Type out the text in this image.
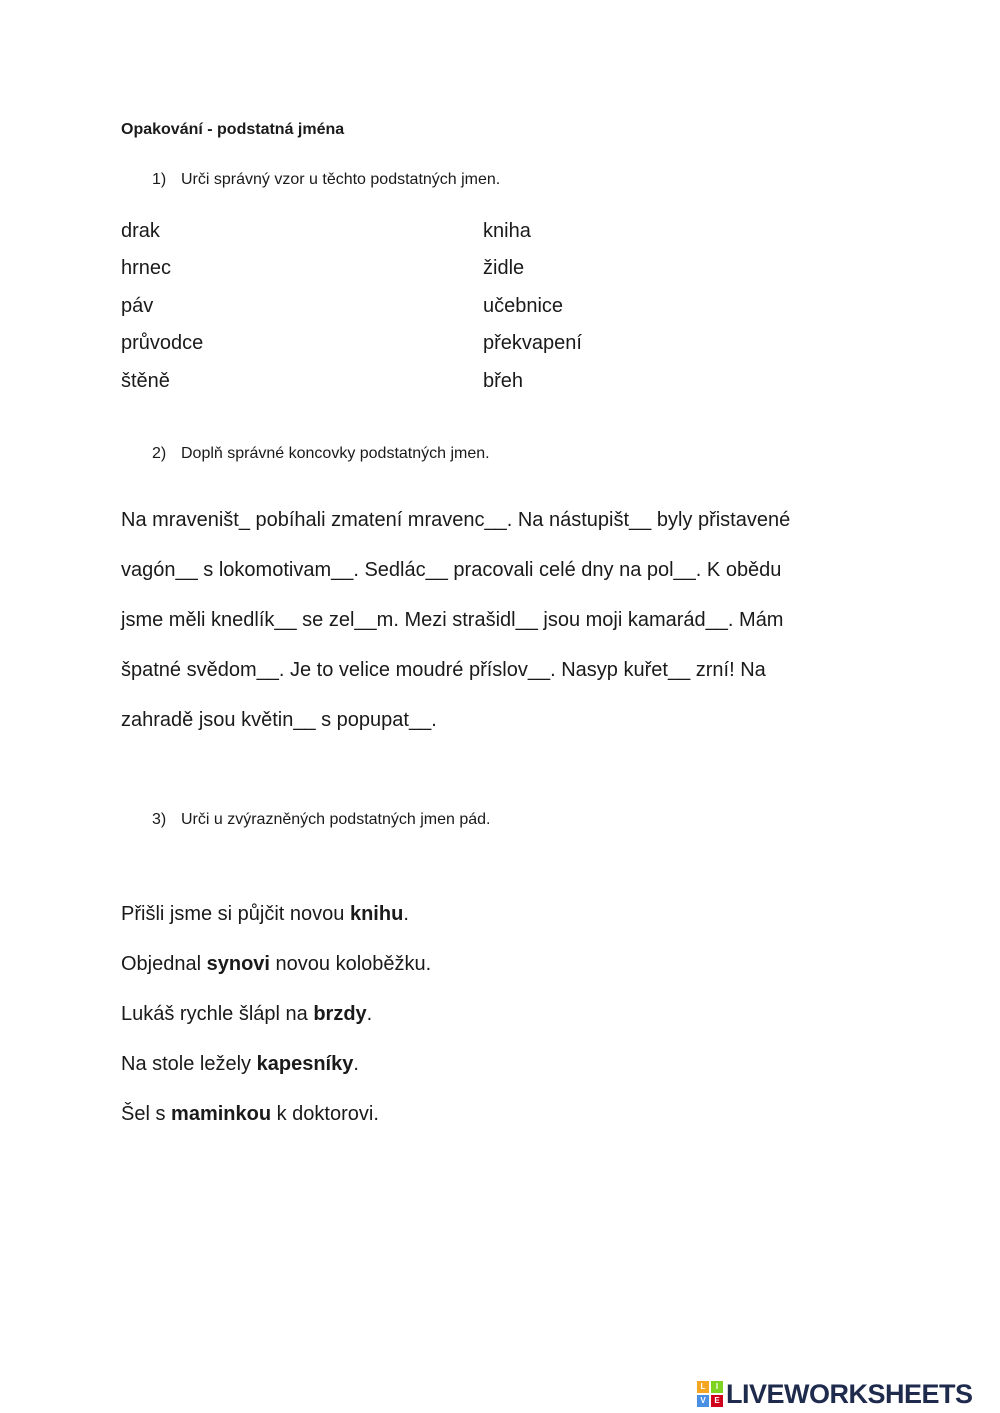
Opakování - podstatná jména
1) Urči správný vzor u těchto podstatných jmen.
drak
hrnec
páv
průvodce
štěně
kniha
židle
učebnice
překvapení
břeh
2) Doplň správné koncovky podstatných jmen.
Na mraveništ_ pobíhali zmatení mravenc__. Na nástupišt__ byly přistavené
vagón__ s lokomotivam__. Sedlác__ pracovali celé dny na pol__. K obědu
jsme měli knedlík__ se zel__m. Mezi strašidl__ jsou moji kamarád__. Mám
špatné svědom__. Je to velice moudré přísl​ov__. Nasyp kuřet__ zrní! Na
zahradě jsou květin__ s popupat__.
3) Urči u zvýrazněných podstatných jmen pád.
Přišli jsme si půjčit novou knihu.
Objednal synovi novou koloběžku.
Lukáš rychle šlápl na brzdy.
Na stole ležely kapesníky.
Šel s maminkou k doktorovi.
L	I
V	E LIVEWORKSHEETS
